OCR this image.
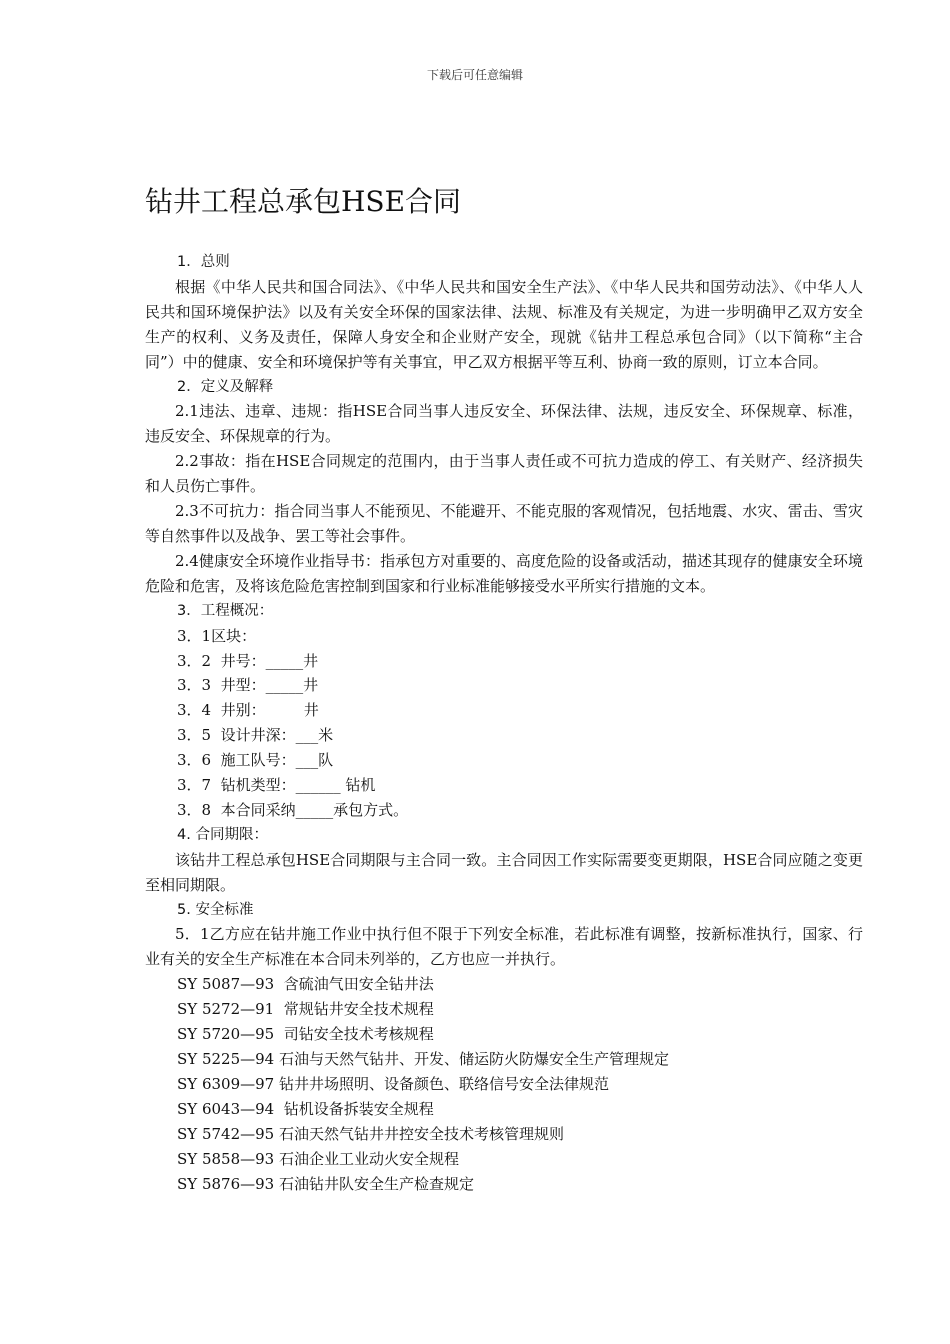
下载后可任意编辑
钻井工程总承包HSE合同

1．总则

根据《中华人民共和国合同法》、《中华人民共和国安全生产法》、《中华人民共和国劳动法》、《中华人人民共和国环境保护法》以及有关安全环保的国家法律、法规、标准及有关规定，为进一步明确甲乙双方安全生产的权利、义务及责任，保障人身安全和企业财产安全，现就《钻井工程总承包合同》（以下简称“主合同”）中的健康、安全和环境保护等有关事宜，甲乙双方根据平等互利、协商一致的原则，订立本合同。

2．定义及解释

2.1违法、违章、违规：指HSE合同当事人违反安全、环保法律、法规，违反安全、环保规章、标准，违反安全、环保规章的行为。

2.2事故：指在HSE合同规定的范围内，由于当事人责任或不可抗力造成的停工、有关财产、经济损失和人员伤亡事件。

2.3不可抗力：指合同当事人不能预见、不能避开、不能克服的客观情况，包括地震、水灾、雷击、雪灾等自然事件以及战争、罢工等社会事件。

2.4健康安全环境作业指导书：指承包方对重要的、高度危险的设备或活动，描述其现存的健康安全环境危险和危害，及将该危险危害控制到国家和行业标准能够接受水平所实行措施的文本。

3．工程概况：

3．1区块：

3．2  井号：_____井

3．3  井型：_____井

3．4  井别：        井

3．5  设计井深：___米

3．6  施工队号：___队

3．7  钻机类型：______ 钻机

3．8  本合同采纳_____承包方式。

4. 合同期限：

该钻井工程总承包HSE合同期限与主合同一致。主合同因工作实际需要变更期限，HSE合同应随之变更至相同期限。

5. 安全标准

5．1乙方应在钻井施工作业中执行但不限于下列安全标准，若此标准有调整，按新标准执行，国家、行业有关的安全生产标准在本合同未列举的，乙方也应一并执行。

SY 5087—93  含硫油气田安全钻井法

SY 5272—91  常规钻井安全技术规程

SY 5720—95  司钻安全技术考核规程

SY 5225—94 石油与天然气钻井、开发、储运防火防爆安全生产管理规定

SY 6309—97 钻井井场照明、设备颜色、联络信号安全法律规范

SY 6043—94  钻机设备拆装安全规程

SY 5742—95 石油天然气钻井井控安全技术考核管理规则

SY 5858—93 石油企业工业动火安全规程

SY 5876—93 石油钻井队安全生产检查规定
